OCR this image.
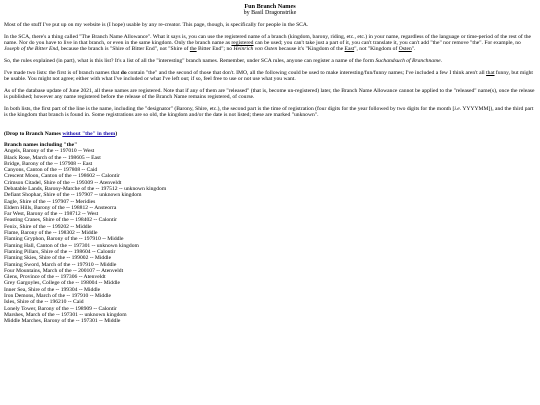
Fun Branch Names
by Basil Dragonstrike

Most of the stuff I've put up on my website is (I hope) usable by any re-creator. This page, though, is specifically for people in the SCA.

In the SCA, there's a thing called "The Branch Name Allowance". What it says is, you can use the registered name of a branch (kingdom, barony, riding, etc., etc.) in your name, regardless of the language or time-period of the rest of the name. Nor do you have to live in that branch, or even in the same kingdom. Only the branch name as registered can be used; you can't take just a part of it, you can't translate it, you can't add "the" nor remove "the". For example, no Joseph of the Bitter End, because the branch is "Shire of Bitter End", not "Shire of the Bitter End"; no Heinrich von Osten because it's "Kingdom of the East", not "Kingdom of Osten".

So, the rules explained (in part), what is this list? It's a list of all the "interesting" branch names. Remember, under SCA rules, anyone can register a name of the form Suchandsuch of Branchname.

I've made two lists: the first is of branch names that do contain "the" and the second of those that don't. IMO, all the following could be used to make interesting/fun/funny names; I've included a few I think aren't all that funny, but might be usable. You might not agree; either with what I've included or what I've left out; if so, feel free to use or not use what you want.

As of the database update of June 2021, all these names are registered. Note that if any of them are "released" (that is, become un-registered) later, the Branch Name Allowance cannot be applied to the "released" name(s), once the release is published; however any name registered before the release of the Branch Name remains registered, of course.

In both lists, the first part of the line is the name, including the "designator" (Barony, Shire, etc.), the second part is the time of registration (four digits for the year followed by two digits for the month [i.e. YYYYMM]), and the third part is the kingdom that branch is found in. Some registrations are so old, the kingdom and/or the date is not listed; these are marked "unknown".

(Drop to Branch Names without "the" in them)
Branch names including "the"
Angels, Barony of the -- 197010 -- West
Black Rose, March of the -- 198605 -- East
Bridge, Barony of the -- 197908 -- East
Canyons, Canton of the -- 197808 -- Caid
Crescent Moon, Canton of the -- 198602 -- Calontir
Crimson Citadel, Shire of the -- 199309 -- Atenveldt
Debatable Lands, Barony-Marche of the -- 197512 -- unknown kingdom
Defiant Shophar, Shire of the -- 197907 -- unknown kingdom
Eagle, Shire of the -- 197907 -- Meridies
Eldern Hills, Barony of the -- 198812 -- Ansteorra
Far West, Barony of the -- 198712 -- West
Feasting Cranes, Shire of the -- 198402 -- Calontir
Fenix, Shire of the -- 199202 -- Middle
Flame, Barony of the -- 198302 -- Middle
Flaming Gryphon, Barony of the -- 197910 -- Middle
Flaming Hall, Canton of the -- 197301 -- unknown kingdom
Flaming Pillars, Shire of the -- 198604 -- Calontir
Flaming Skies, Shire of the -- 199002 -- Middle
Flaming Sword, March of the -- 197910 -- Middle
Four Mountains, March of the -- 200107 -- Atenveldt
Glens, Province of the -- 197306 -- Atenveldt
Grey Gargoyles, College of the -- 198004 -- Middle
Inner Sea, Shire of the -- 199304 -- Middle
Iron Demons, March of the -- 197910 -- Middle
Isles, Shire of the -- 196210 -- Caid
Lonely Tower, Barony of the -- 198909 -- Calontir
Marshes, March of the -- 197301 -- unknown kingdom
Middle Marches, Barony of the -- 197301 -- Middle
